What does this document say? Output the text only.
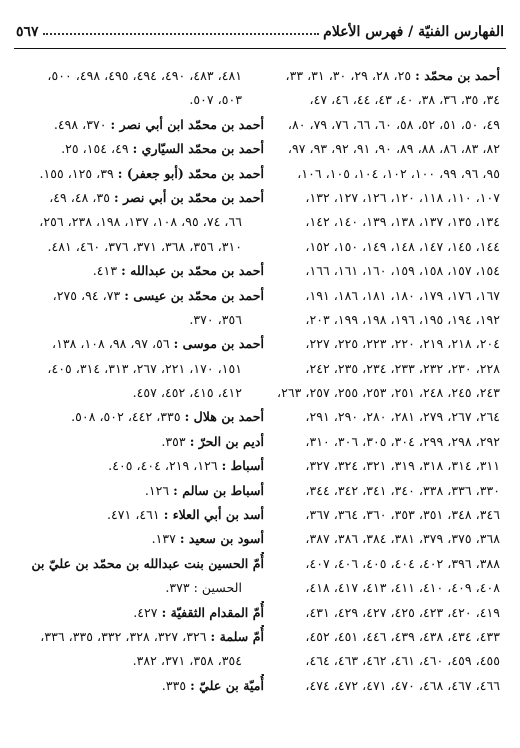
الفهارس الفنيّة / فهرس الأعلام
٥٦٧
أحمد بن محمّد : ٢٥، ٢٨، ٢٩، ٣٠، ٣١، ٣٣،
٣٤، ٣٥، ٣٦، ٣٨، ٤٠، ٤٣، ٤٤، ٤٦، ٤٧،
٤٩، ٥٠، ٥١، ٥٢، ٥٨، ٦٠، ٦٦، ٧٦، ٧٩، ٨٠،
٨٢، ٨٣، ٨٦، ٨٨، ٨٩، ٩٠، ٩١، ٩٢، ٩٣، ٩٧،
٩٥، ٩٦، ٩٩، ١٠٠، ١٠٢، ١٠٤، ١٠٥، ١٠٦،
١٠٧، ١١٠، ١١٨، ١٢٠، ١٢٦، ١٢٧، ١٣٢،
١٣٤، ١٣٥، ١٣٧، ١٣٨، ١٣٩، ١٤٠، ١٤٢،
١٤٤، ١٤٥، ١٤٧، ١٤٨، ١٤٩، ١٥٠، ١٥٢،
١٥٤، ١٥٧، ١٥٨، ١٥٩، ١٦٠، ١٦١، ١٦٦،
١٦٧، ١٧٦، ١٧٩، ١٨٠، ١٨١، ١٨٦، ١٩١،
١٩٢، ١٩٤، ١٩٥، ١٩٦، ١٩٨، ١٩٩، ٢٠٣،
٢٠٤، ٢١٨، ٢١٩، ٢٢٠، ٢٢٣، ٢٢٥، ٢٢٧،
٢٢٨، ٢٣٠، ٢٣٢، ٢٣٣، ٢٣٤، ٢٣٥، ٢٤٢،
٢٤٣، ٢٤٥، ٢٤٨، ٢٥١، ٢٥٣، ٢٥٥، ٢٥٧، ٢٦٣،
٢٦٤، ٢٦٧، ٢٧٩، ٢٨١، ٢٨٠، ٢٩٠، ٢٩١،
٢٩٢، ٢٩٨، ٢٩٩، ٣٠٤، ٣٠٥، ٣٠٦، ٣١٠،
٣١١، ٣١٤، ٣١٨، ٣١٩، ٣٢١، ٣٢٤، ٣٢٧،
٣٣٠، ٣٣٦، ٣٣٨، ٣٤٠، ٣٤١، ٣٤٢، ٣٤٤،
٣٤٦، ٣٤٨، ٣٥١، ٣٥٣، ٣٦٠، ٣٦٤، ٣٦٧،
٣٦٨، ٣٧٥، ٣٧٩، ٣٨١، ٣٨٤، ٣٨٦، ٣٨٧،
٣٨٨، ٣٩٦، ٤٠٢، ٤٠٤، ٤٠٥، ٤٠٦، ٤٠٧،
٤٠٨، ٤٠٩، ٤١٠، ٤١١، ٤١٣، ٤١٧، ٤١٨،
٤١٩، ٤٢٠، ٤٢٣، ٤٢٥، ٤٢٧، ٤٢٩، ٤٣١،
٤٣٣، ٤٣٤، ٤٣٨، ٤٣٩، ٤٤٦، ٤٥١، ٤٥٢،
٤٥٥، ٤٥٩، ٤٦٠، ٤٦١، ٤٦٢، ٤٦٣، ٤٦٤،
٤٦٦، ٤٦٧، ٤٦٨، ٤٧٠، ٤٧١، ٤٧٢، ٤٧٤،
٤٨١، ٤٨٣، ٤٩٠، ٤٩٤، ٤٩٥، ٤٩٨، ٥٠٠،
٥٠٣، ٥٠٧.
أحمد بن محمّد ابن أبي نصر : ٣٧٠، ٤٩٨.
أحمد بن محمّد السيّاري : ٤٩، ١٥٤، ٢٥.
أحمد بن محمّد (أبو جعفر) : ٣٩، ١٢٥، ١٥٥.
أحمد بن محمّد بن أبي نصر : ٣٥، ٤٨، ٤٩،
٦٦، ٧٤، ٩٥، ١٠٨، ١٣٧، ١٩٨، ٢٣٨، ٢٥٦،
٣١٠، ٣٥٦، ٣٦٨، ٣٧١، ٣٧٦، ٤٦٠، ٤٨١.
أحمد بن محمّد بن عبدالله : ٤١٣.
أحمد بن محمّد بن عيسى : ٧٣، ٩٤، ٢٧٥،
٣٥٦، ٣٧٠.
أحمد بن موسى : ٥٦، ٩٧، ٩٨، ١٠٨، ١٣٨،
١٥١، ١٧٠، ٢٢١، ٢٦٧، ٣١٣، ٣١٤، ٤٠٥،
٤١٢، ٤١٥، ٤٥٢، ٤٥٧.
أحمد بن هلال : ٣٣٥، ٤٤٢، ٥٠٢، ٥٠٨.
أديم بن الحرّ : ٣٥٣.
أسباط : ١٢٦، ٢١٩، ٤٠٤، ٤٠٥.
أسباط بن سالم : ١٢٦.
أسد بن أبي العلاء : ٤٦١، ٤٧١.
أسود بن سعيد : ١٣٧.
أُمّ الحسين بنت عبدالله بن محمّد بن عليّ بن
الحسين : ٣٧٣.
أُمّ المقدام الثقفيّة : ٤٢٧.
أُمّ سلمة : ٣٢٦، ٣٢٧، ٣٢٨، ٣٣٢، ٣٣٥، ٣٣٦،
٣٥٤، ٣٥٨، ٣٧١، ٣٨٢.
أُميّة بن عليّ : ٣٣٥.
